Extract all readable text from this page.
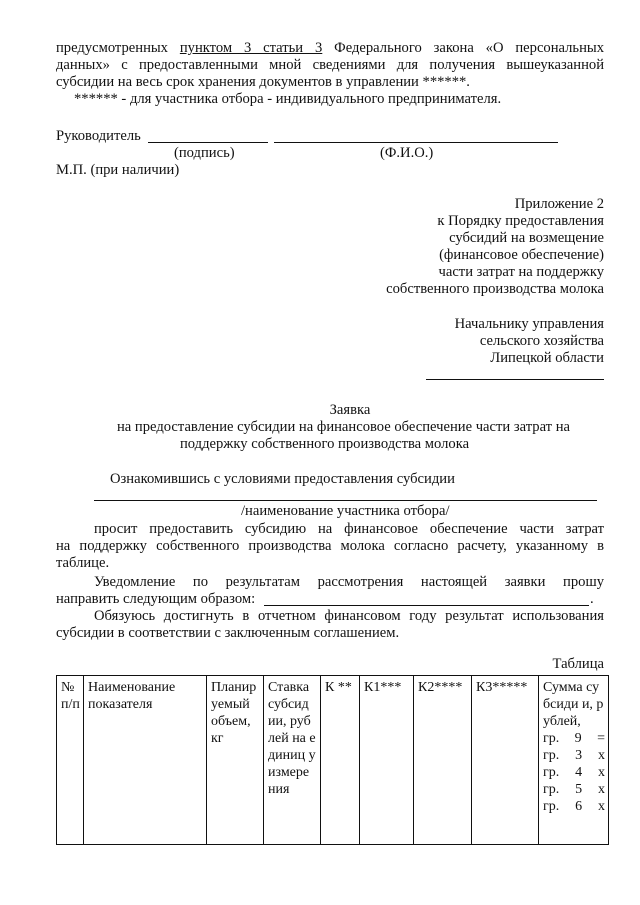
предусмотренных пунктом 3 статьи 3 Федерального закона «О персональных
данных» с предоставленными мной сведениями для получения вышеуказанной
субсидии на весь срок хранения документов в управлении ******.
****** - для участника отбора - индивидуального предпринимателя.
Руководитель
(подпись)	(Ф.И.О.)
М.П. (при наличии)
Приложение 2
к Порядку предоставления
субсидий на возмещение
(финансовое обеспечение)
части затрат на поддержку
собственного производства молока
Начальнику управления
сельского хозяйства
Липецкой области
Заявка
на предоставление субсидии на финансовое обеспечение части затрат на
поддержку собственного производства молока
Ознакомившись с условиями предоставления субсидии
/наименование участника отбора/
просит предоставить субсидию на финансовое обеспечение части затрат
на поддержку собственного производства молока согласно расчету, указанному в
таблице.
Уведомление по результатам рассмотрения настоящей заявки прошу
направить следующим образом:	.
Обязуюсь достигнуть в отчетном финансовом году результат использования
субсидии в соответствии с заключенным соглашением.
Таблица
№ п/п	Наименование показателя	Планир уемый объем, кг	Ставка субсид ии, рублей на единиц у измере ния	К **	К1***	К2****	К3*****	Сумма субсиди и, рублей,
гр. 9 =
гр. 3 х
гр. 4 х
гр. 5 х
гр. 6 х
